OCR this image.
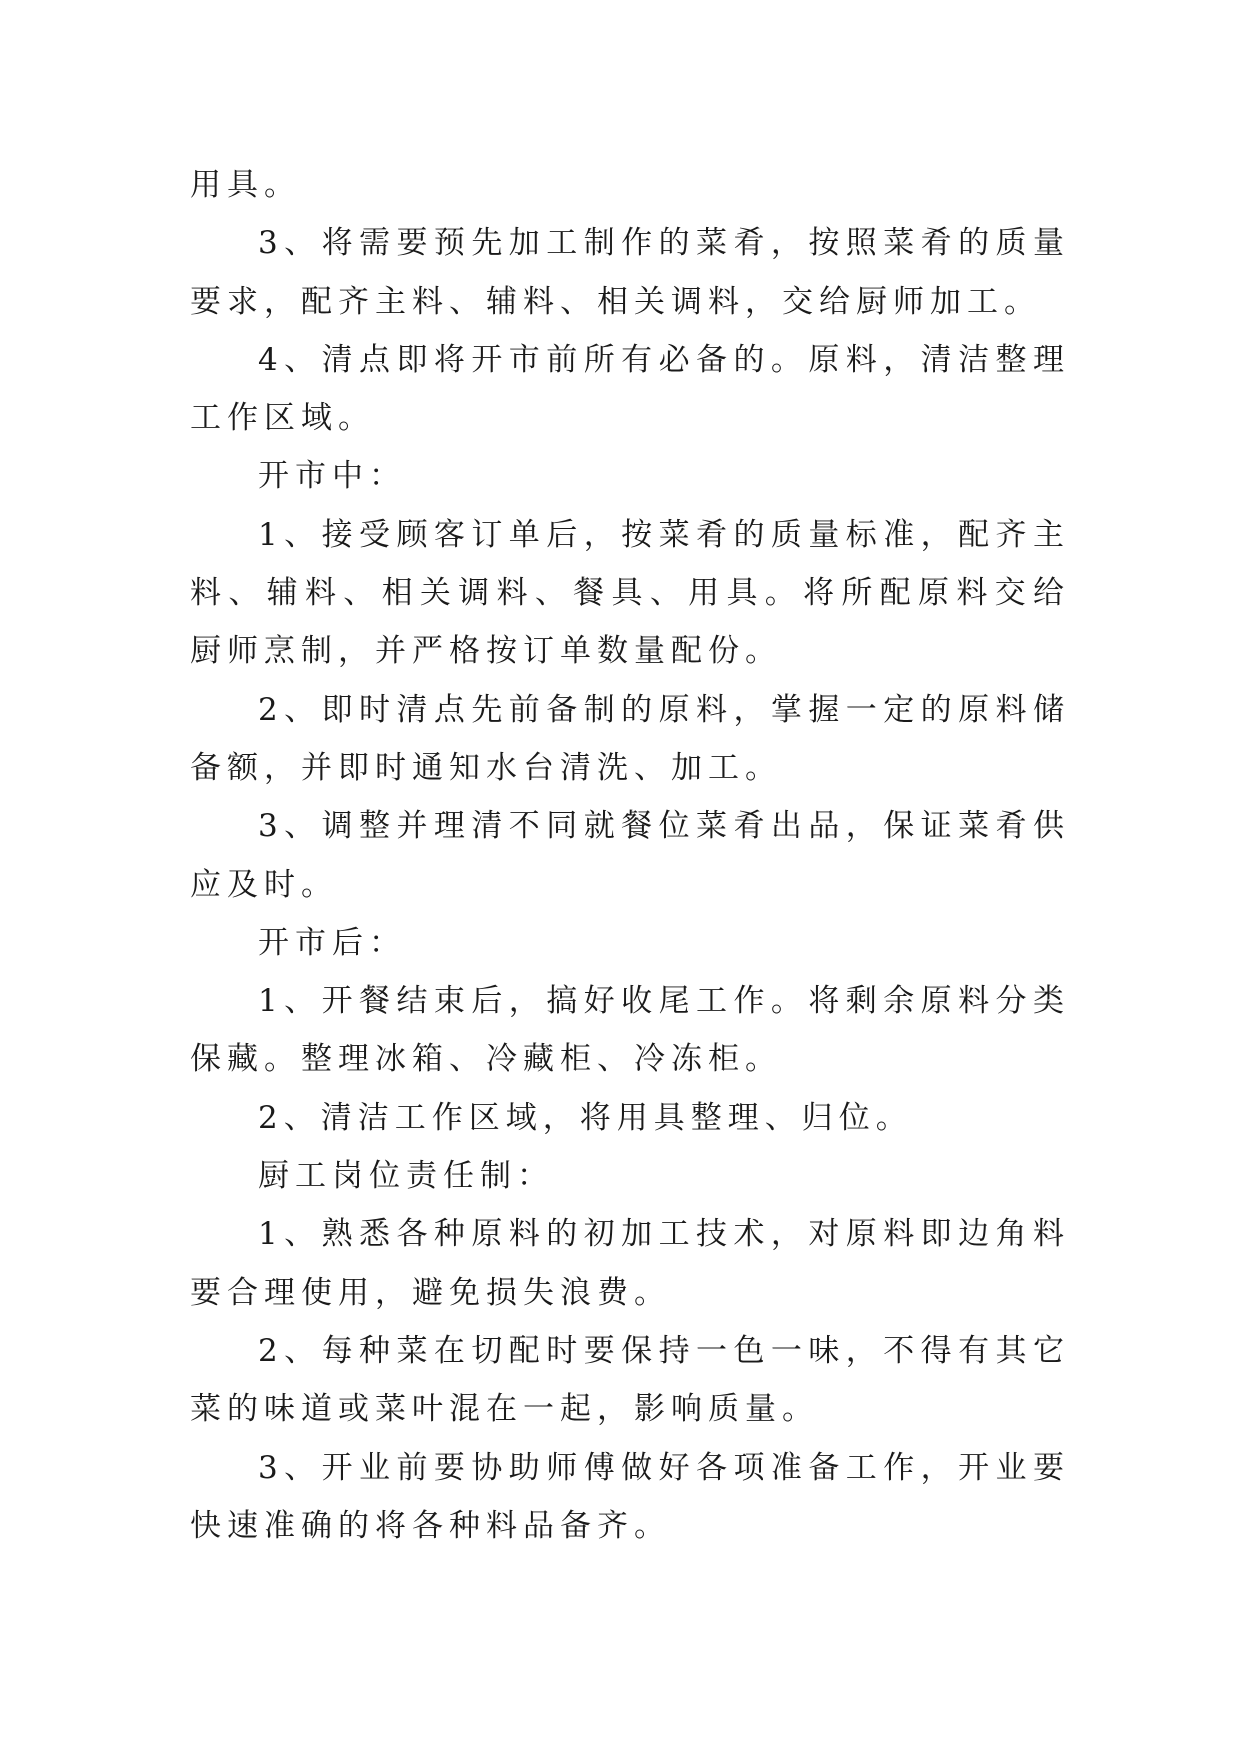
用具。

3、将需要预先加工制作的菜肴，按照菜肴的质量要求，配齐主料、辅料、相关调料，交给厨师加工。

4、清点即将开市前所有必备的。原料，清洁整理工作区域。

开市中：

1、接受顾客订单后，按菜肴的质量标准，配齐主料、辅料、相关调料、餐具、用具。将所配原料交给厨师烹制，并严格按订单数量配份。

2、即时清点先前备制的原料，掌握一定的原料储备额，并即时通知水台清洗、加工。

3、调整并理清不同就餐位菜肴出品，保证菜肴供应及时。

开市后：

1、开餐结束后，搞好收尾工作。将剩余原料分类保藏。整理冰箱、冷藏柜、冷冻柜。

2、清洁工作区域，将用具整理、归位。

厨工岗位责任制：

1、熟悉各种原料的初加工技术，对原料即边角料要合理使用，避免损失浪费。

2、每种菜在切配时要保持一色一味，不得有其它菜的味道或菜叶混在一起，影响质量。

3、开业前要协助师傅做好各项准备工作，开业要快速准确的将各种料品备齐。
